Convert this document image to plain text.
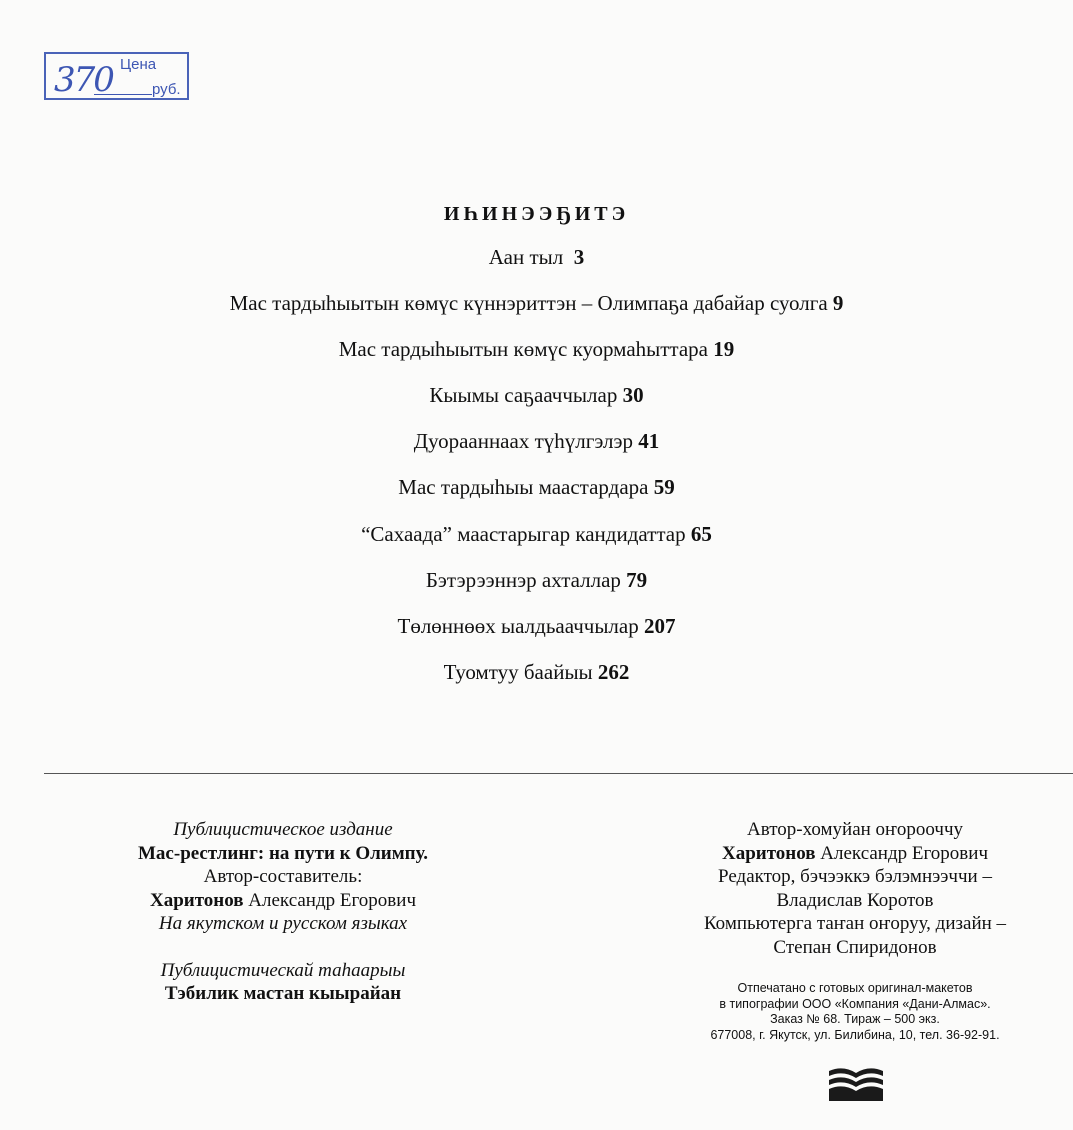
370 Цена
руб.
ИҺИНЭЭҔИТЭ
Аан тыл 3
Мас тардыһыытын көмүс күннэриттэн – Олимпаҕа дабайар суолга 9
Мас тардыһыытын көмүс куормаһыттара 19
Кыымы саҕааччылар 30
Дуорааннаах түһүлгэлэр 41
Мас тардыһыы маастардара 59
“Сахаада” маастарыгар кандидаттар 65
Бэтэрээннэр ахталлар 79
Төлөннөөх ыалдьааччылар 207
Туомтуу баайыы 262
Публицистическое издание
Мас-рестлинг: на пути к Олимпу.
Автор-составитель:
Харитонов Александр Егорович
На якутском и русском языках
Публицистическай таһаарыы
Тэбилик мастан кыырайан
Автор-хомуйан оҥорооччу
Харитонов Александр Егорович
Редактор, бэчээккэ бэлэмнээччи –
Владислав Коротов
Компьютерга таҥан оҥоруу, дизайн –
Степан Спиридонов
Отпечатано с готовых оригинал-макетов
в типографии ООО «Компания «Дани-Алмас».
Заказ № 68. Тираж – 500 экз.
677008, г. Якутск, ул. Билибина, 10, тел. 36-92-91.
